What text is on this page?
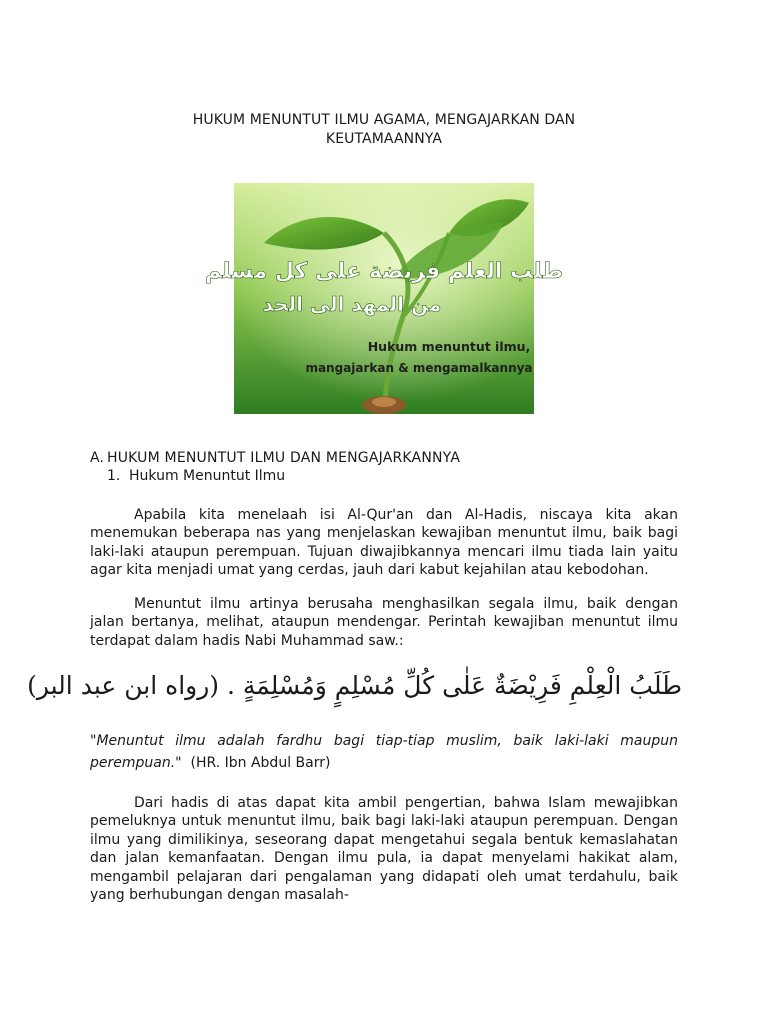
HUKUM MENUNTUT ILMU AGAMA, MENGAJARKAN DAN
KEUTAMAANNYA
طلب العلم فريضة على كل مسلم
من المهد الى الحد
Hukum menuntut ilmu,
mangajarkan & mengamalkannya
A. HUKUM MENUNTUT ILMU DAN MENGAJARKANNYA
1. Hukum Menuntut Ilmu

Apabila kita menelaah isi Al-Qur'an dan Al-Hadis, niscaya kita akan menemukan beberapa nas yang menjelaskan kewajiban menuntut ilmu, baik bagi laki-laki ataupun perempuan. Tujuan diwajibkannya mencari ilmu tiada lain yaitu agar kita menjadi umat yang cerdas, jauh dari kabut kejahilan atau kebodohan.

Menuntut ilmu artinya berusaha menghasilkan segala ilmu, baik dengan jalan bertanya, melihat, ataupun mendengar. Perintah kewajiban menuntut ilmu terdapat dalam hadis Nabi Muhammad saw.:

طَلَبُ الْعِلْمِ فَرِيْضَةٌ عَلٰى كُلِّ مُسْلِمٍ وَمُسْلِمَةٍ . (رواه ابن عبد البر)
"Menuntut ilmu adalah fardhu bagi tiap-tiap muslim, baik laki-laki maupun perempuan." (HR. Ibn Abdul Barr)

Dari hadis di atas dapat kita ambil pengertian, bahwa Islam mewajibkan pemeluknya untuk menuntut ilmu, baik bagi laki-laki ataupun perempuan. Dengan ilmu yang dimilikinya, seseorang dapat mengetahui segala bentuk kemaslahatan dan jalan kemanfaatan. Dengan ilmu pula, ia dapat menyelami hakikat alam, mengambil pelajaran dari pengalaman yang didapati oleh umat terdahulu, baik yang berhubungan dengan masalah-
